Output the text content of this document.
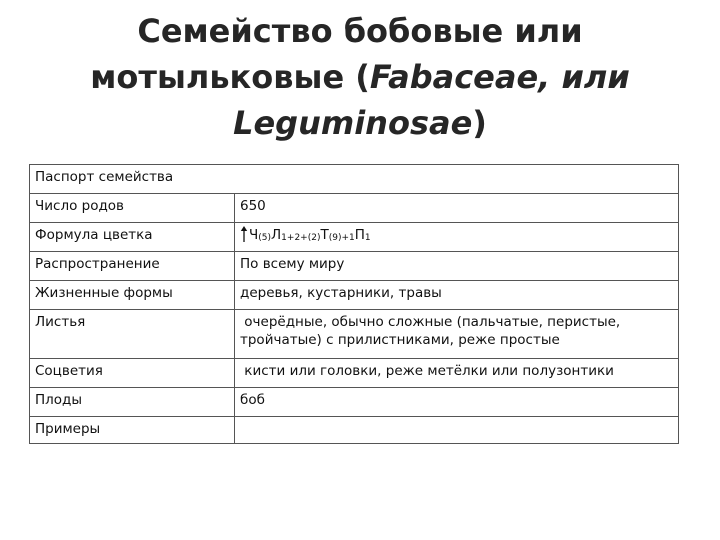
Семейство бобовые или
мотыльковые (Fabaceae, или
Leguminosae)
Паспорт семейства	
Число родов	650
Формула цветка	$Ч_{(5)}Л_{1+2+(2)}Т_{(9)+1}П_1$
Распространение	По всему миру
Жизненные формы	деревья, кустарники, травы
Листья	очерёдные, обычно сложные (пальчатые, перистые, тройчатые) с прилистниками, реже простые
Соцветия	кисти или головки, реже метёлки или полузонтики
Плоды	боб
Примеры	
